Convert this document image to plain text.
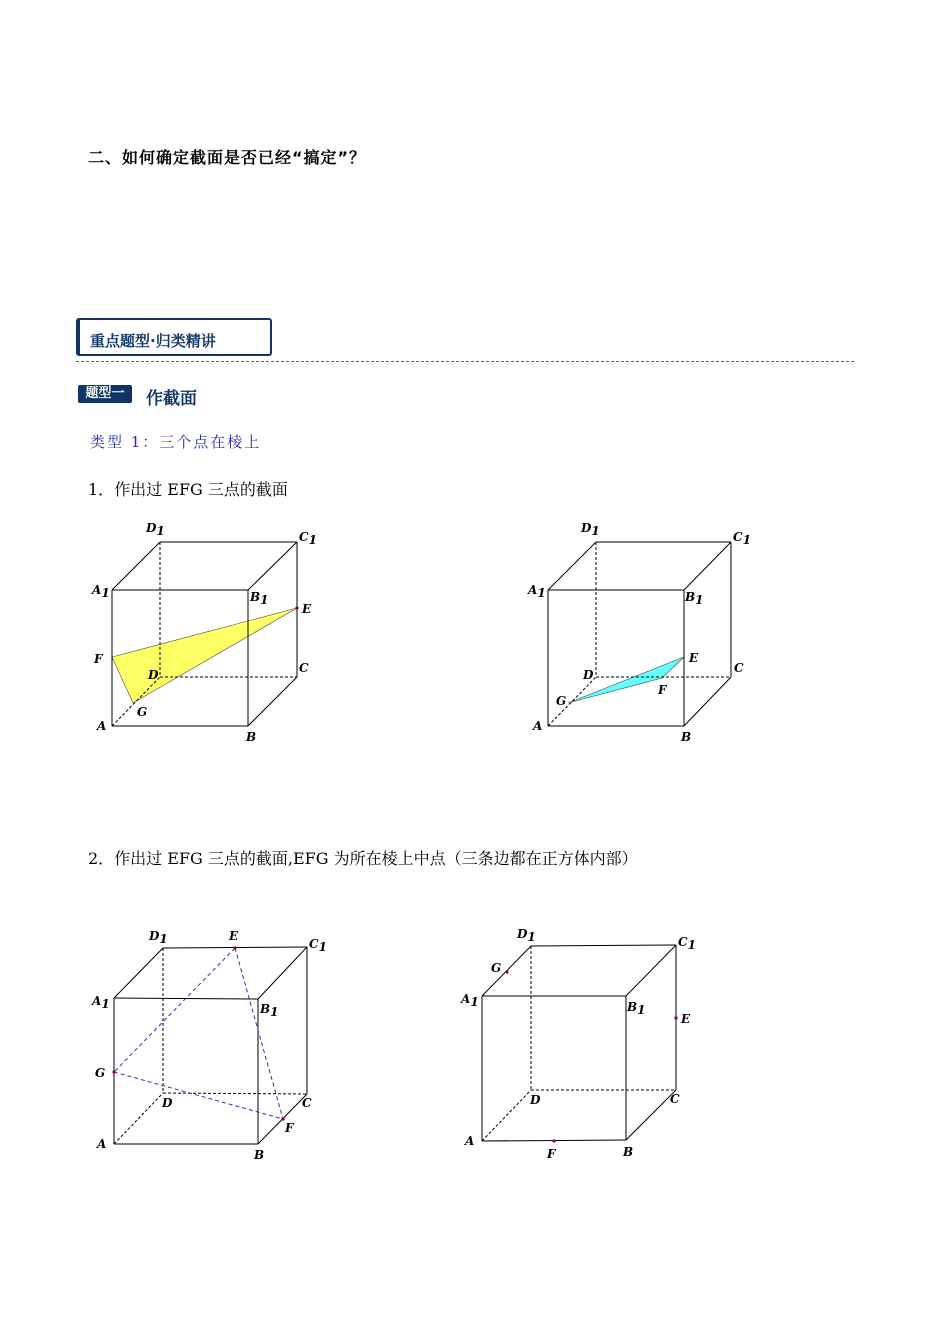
二、如何确定截面是否已经“搞定”？
重点题型·归类精讲
题型一	作截面
类型 1：三个点在棱上
1．作出过 EFG 三点的截面
2．作出过 EFG 三点的截面,EFG 为所在棱上中点（三条边都在正方体内部）
D1	C1
A1	B1
E
F
C
D
G
A
B
D1	C1
A1	B1
E
C
D
F
G
A
B
D1	E
C1
A1	B1
G
D	C
F
A
B
D1	C1
G
A1	B1
E
D	C
A
B
F
